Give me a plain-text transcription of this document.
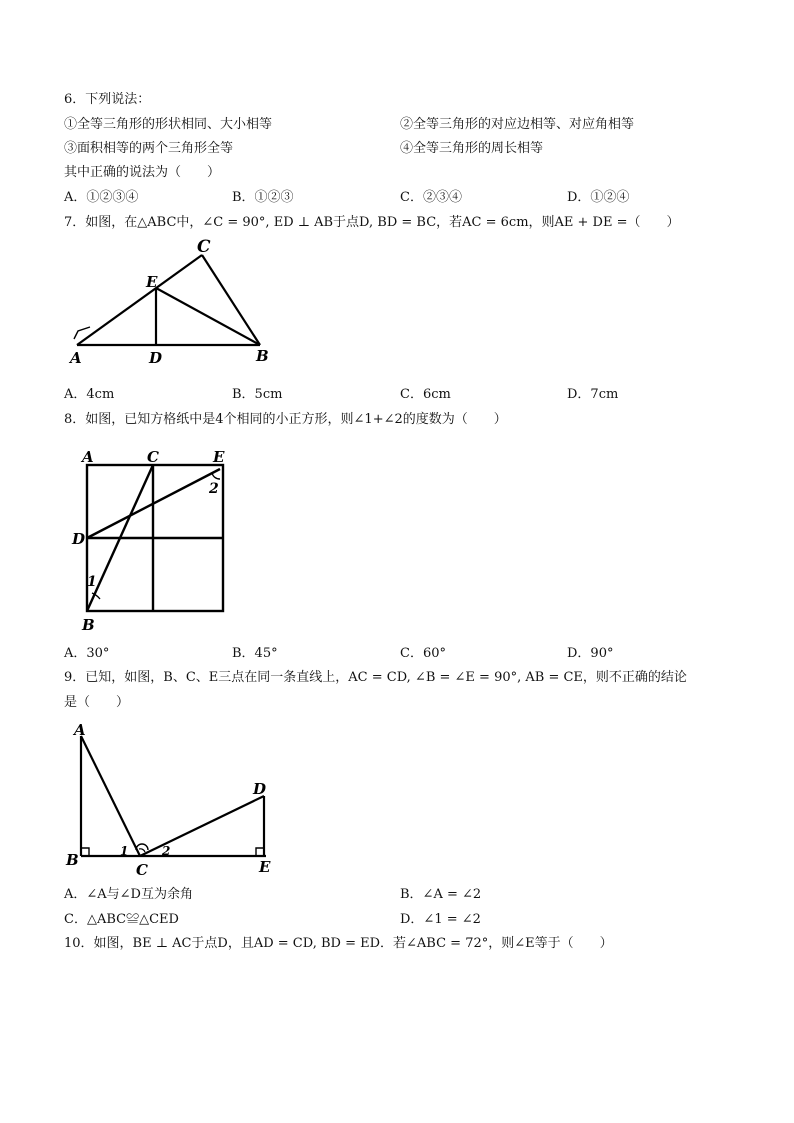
6．下列说法：
①全等三角形的形状相同、大小相等	②全等三角形的对应边相等、对应角相等
③面积相等的两个三角形全等	④全等三角形的周长相等
其中正确的说法为（　　）
A．①②③④	B．①②③	C．②③④	D．①②④
7．如图，在△ABC中，∠C = 90°, ED ⊥ AB于点D, BD = BC，若AC = 6cm，则AE + DE =（　　）
C
E
A	D	B
A．4cm	B．5cm	C．6cm	D．7cm
8．如图，已知方格纸中是4个相同的小正方形，则∠1+∠2的度数为（　　）
A	C	E
2
D
1
B
A．30°	B．45°	C．60°	D．90°
9．已知，如图，B、C、E三点在同一条直线上，AC = CD, ∠B = ∠E = 90°, AB = CE，则不正确的结论
是（　　）
A
D
B
C	E
1	2
A．∠A与∠D互为余角	B．∠A = ∠2
C．△ABC≌△CED	D．∠1 = ∠2
10．如图，BE ⊥ AC于点D，且AD = CD, BD = ED．若∠ABC = 72°，则∠E等于（　　）
